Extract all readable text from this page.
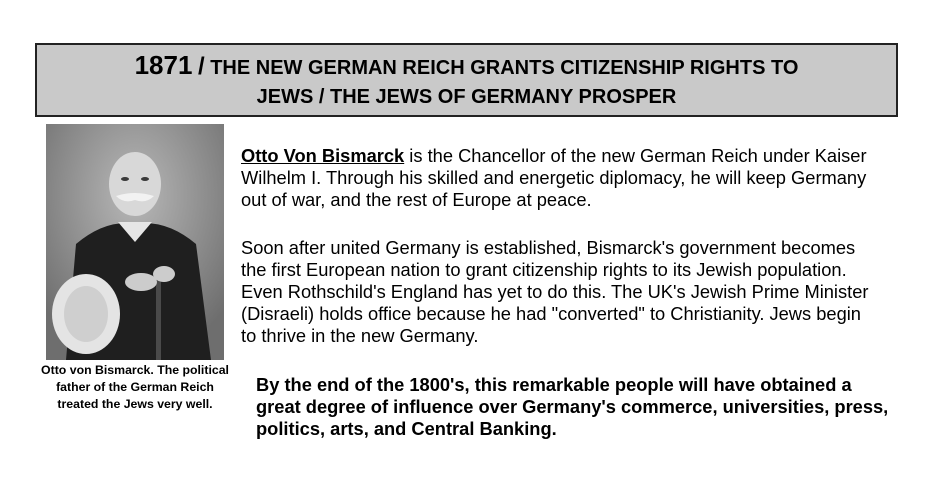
1871 / THE NEW GERMAN REICH GRANTS CITIZENSHIP RIGHTS TO
JEWS / THE JEWS OF GERMANY PROSPER
Otto von Bismarck. The political
father of the German Reich
treated the Jews very well.
Otto Von Bismarck is the Chancellor of the new German Reich under Kaiser Wilhelm I. Through his skilled and energetic diplomacy, he will keep Germany out of war, and the rest of Europe at peace.
Soon after united Germany is established, Bismarck's government becomes the first European nation to grant citizenship rights to its Jewish population. Even Rothschild's England has yet to do this. The UK's Jewish Prime Minister (Disraeli) holds office because he had "converted" to Christianity. Jews begin to thrive in the new Germany.
By the end of the 1800's, this remarkable people will have obtained a great degree of influence over Germany's commerce, universities, press, politics, arts, and Central Banking.
